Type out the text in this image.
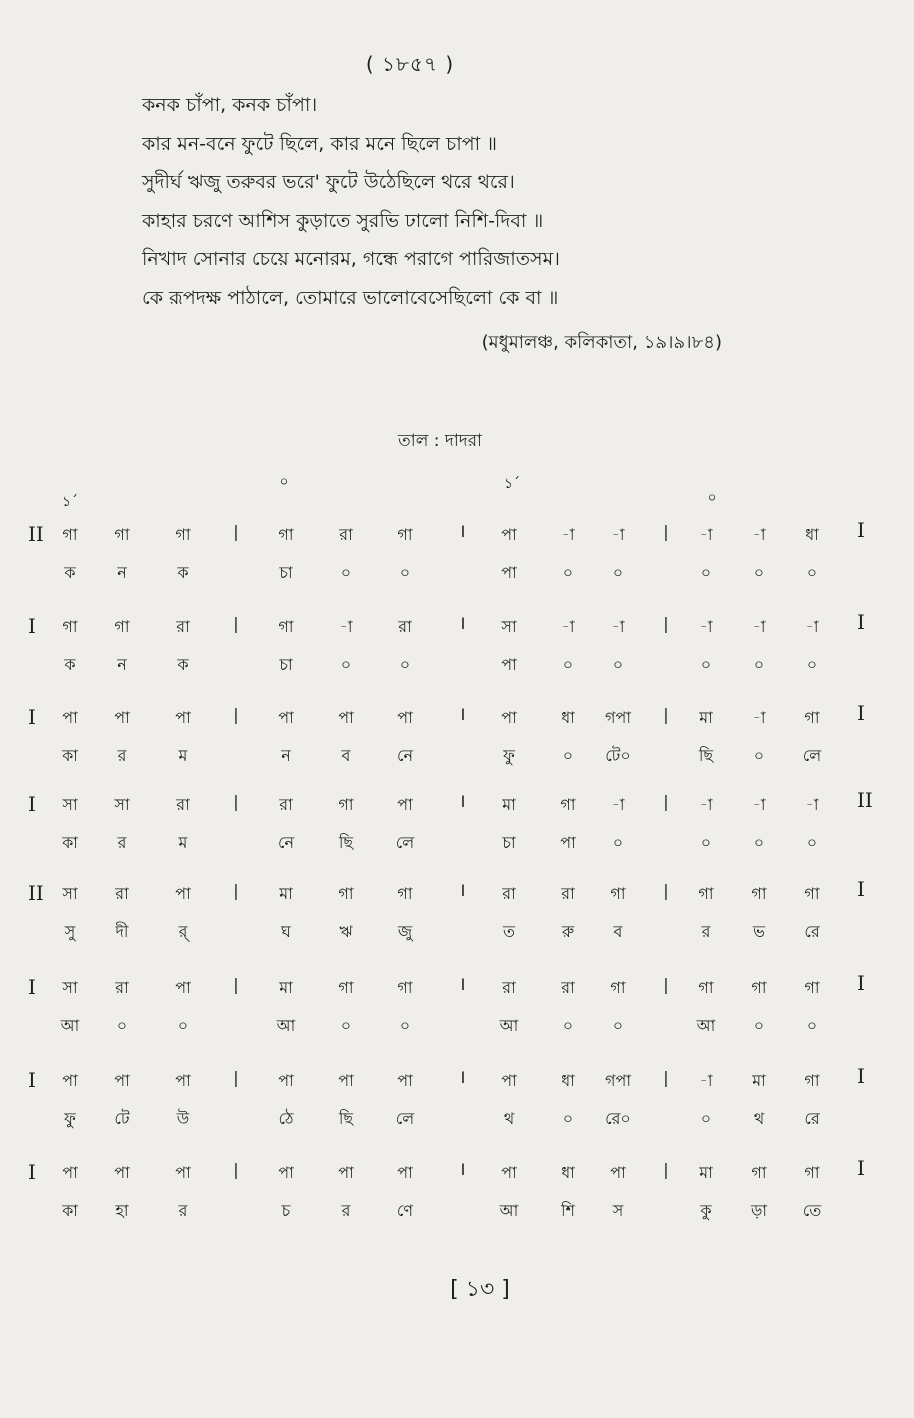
( ১৮৫৭ )
কনক চাঁপা, কনক চাঁপা।
কার মন-বনে ফুটে ছিলে, কার মনে ছিলে চাপা ॥
সুদীর্ঘ ঋজু তরুবর ভরে' ফুটে উঠেছিলে থরে থরে।
কাহার চরণে আশিস কুড়াতে সুরভি ঢালো নিশি-দিবা ॥
নিখাদ সোনার চেয়ে মনোরম, গন্ধে পরাগে পারিজাতসম।
কে রূপদক্ষ পাঠালে, তোমারে ভালোবেসেছিলো কে বা ॥
(মধুমালঞ্চ, কলিকাতা, ১৯।৯।৮৪)
তাল : দাদরা
১´
০	১´
০
II	I
গা	গা	গা	|	গা	রা	গা	I	পা	-া	-া	|	-া	-া	ধা
ক	ন	ক	চা	০	০	পা	০	০	০	০	০
I	I
গা	গা	রা	|	গা	-া	রা	I	সা	-া	-া	|	-া	-া	-া
ক	ন	ক	চা	০	০	পা	০	০	০	০	০
I	I
পা	পা	পা	|	পা	পা	পা	I	পা	ধা	গপা	|	মা	-া	গা
কা	র	ম	ন	ব	নে	ফু	০	টে০	ছি	০	লে
I	II
সা	সা	রা	|	রা	গা	পা	I	মা	গা	-া	|	-া	-া	-া
কা	র	ম	নে	ছি	লে	চা	পা	০	০	০	০
II	I
সা	রা	পা	|	মা	গা	গা	I	রা	রা	গা	|	গা	গা	গা
সু	দী	র্	ঘ	ঋ	জু	ত	রু	ব	র	ভ	রে
I	I
সা	রা	পা	|	মা	গা	গা	I	রা	রা	গা	|	গা	গা	গা
আ	০	০	আ	০	০	আ	০	০	আ	০	০
I	I
পা	পা	পা	|	পা	পা	পা	I	পা	ধা	গপা	|	-া	মা	গা
ফু	টে	উ	ঠে	ছি	লে	থ	০	রে০	০	থ	রে
I	I
পা	পা	পা	|	পা	পা	পা	I	পা	ধা	পা	|	মা	গা	গা
কা	হা	র	চ	র	ণে	আ	শি	স	কু	ড়া	তে
[ ১৩ ]
